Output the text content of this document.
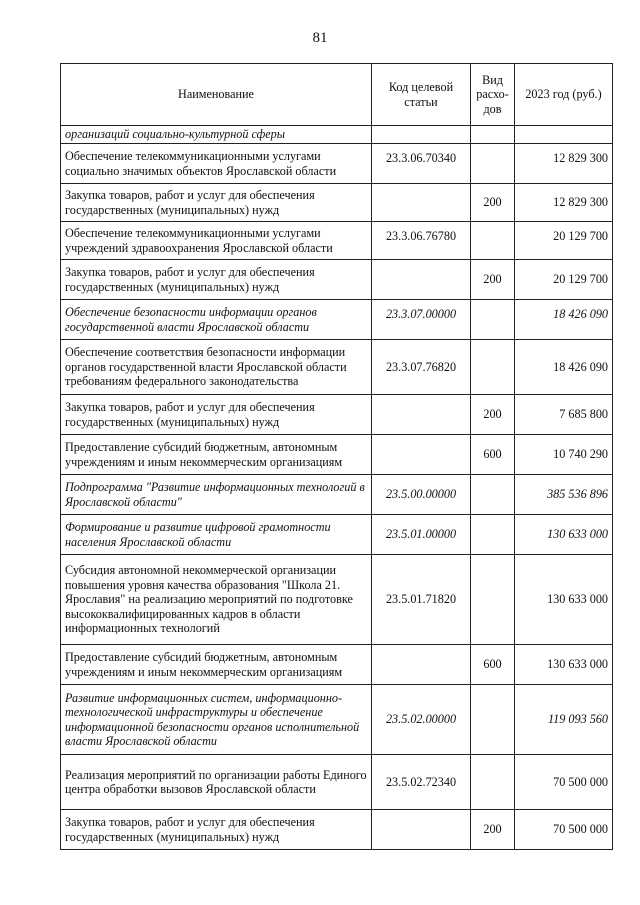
81
Наименование	Код целевой статьи	Вид расхо-дов	2023 год (руб.)
организаций социально-культурной сферы			
Обеспечение телекоммуникационными услугами социально значимых объектов Ярославской области	23.3.06.70340		12 829 300
Закупка товаров, работ и услуг для обеспечения государственных (муниципальных) нужд		200	12 829 300
Обеспечение телекоммуникационными услугами учреждений здравоохранения Ярославской области	23.3.06.76780		20 129 700
Закупка товаров, работ и услуг для обеспечения государственных (муниципальных) нужд		200	20 129 700
Обеспечение безопасности информации органов государственной власти Ярославской области	23.3.07.00000		18 426 090
Обеспечение соответствия безопасности информации органов государственной власти Ярославской области требованиям федерального законодательства	23.3.07.76820		18 426 090
Закупка товаров, работ и услуг для обеспечения государственных (муниципальных) нужд		200	7 685 800
Предоставление субсидий бюджетным, автономным учреждениям и иным некоммерческим организациям		600	10 740 290
Подпрограмма "Развитие информационных технологий в Ярославской области"	23.5.00.00000		385 536 896
Формирование и развитие цифровой грамотности населения Ярославской области	23.5.01.00000		130 633 000
Субсидия автономной некоммерческой организации повышения уровня качества образования "Школа 21. Ярославия" на реализацию мероприятий по подготовке высококвалифицированных кадров в области информационных технологий	23.5.01.71820		130 633 000
Предоставление субсидий бюджетным, автономным учреждениям и иным некоммерческим организациям		600	130 633 000
Развитие информационных систем, информационно-технологической инфраструктуры и обеспечение информационной безопасности органов исполнительной власти Ярославской области	23.5.02.00000		119 093 560
Реализация мероприятий по организации работы Единого центра обработки вызовов Ярославской области	23.5.02.72340		70 500 000
Закупка товаров, работ и услуг для обеспечения государственных (муниципальных) нужд		200	70 500 000
